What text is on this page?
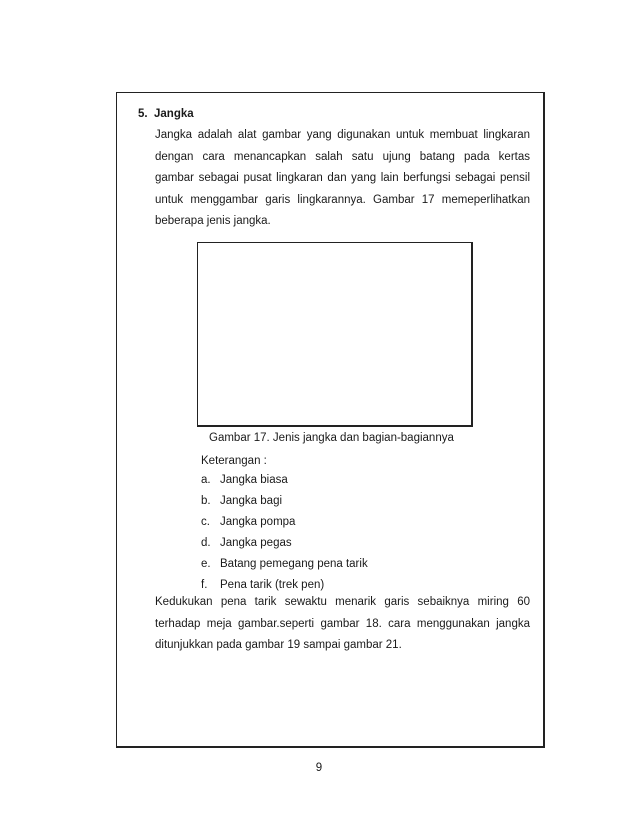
5. Jangka
Jangka adalah alat gambar yang digunakan untuk membuat lingkaran
dengan cara menancapkan salah satu ujung batang pada kertas
gambar sebagai pusat lingkaran dan yang lain berfungsi sebagai pensil
untuk menggambar garis lingkarannya. Gambar 17 memeperlihatkan
beberapa jenis jangka.
Gambar 17. Jenis jangka dan bagian-bagiannya
Keterangan :
a. Jangka biasa
b. Jangka bagi
c. Jangka pompa
d. Jangka pegas
e. Batang pemegang pena tarik
f. Pena tarik (trek pen)
Kedukukan pena tarik sewaktu menarik garis sebaiknya miring 60
terhadap meja gambar.seperti gambar 18. cara menggunakan jangka
ditunjukkan pada gambar 19 sampai gambar 21.
9
